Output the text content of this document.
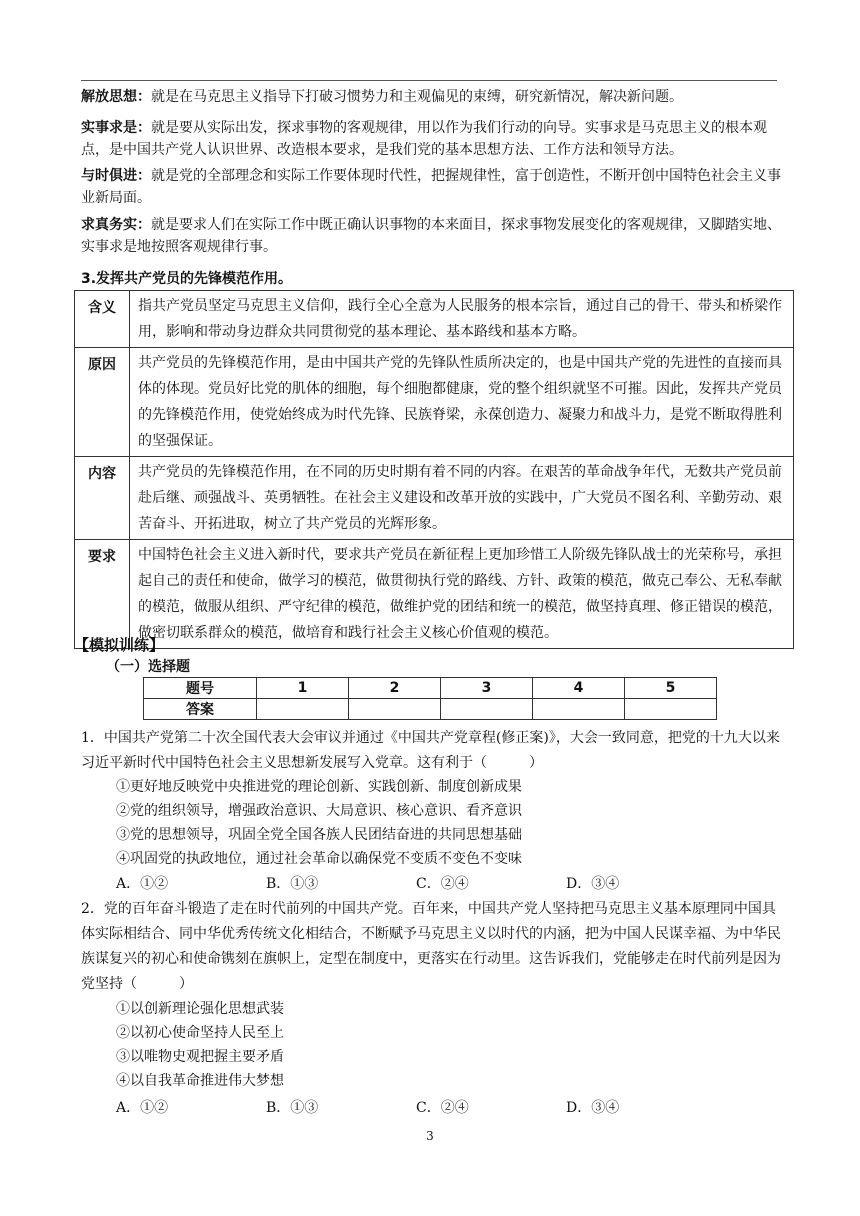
解放思想：就是在马克思主义指导下打破习惯势力和主观偏见的束缚，研究新情况，解决新问题。

实事求是：就是要从实际出发，探求事物的客观规律，用以作为我们行动的向导。实事求是马克思主义的根本观点，是中国共产党人认识世界、改造根本要求，是我们党的基本思想方法、工作方法和领导方法。

与时俱进：就是党的全部理念和实际工作要体现时代性，把握规律性，富于创造性，不断开创中国特色社会主义事业新局面。

求真务实：就是要求人们在实际工作中既正确认识事物的本来面目，探求事物发展变化的客观规律，又脚踏实地、实事求是地按照客观规律行事。

3.发挥共产党员的先锋模范作用。
含义	指共产党员坚定马克思主义信仰，践行全心全意为人民服务的根本宗旨，通过自己的骨干、带头和桥梁作用，影响和带动身边群众共同贯彻党的基本理论、基本路线和基本方略。
原因	共产党员的先锋模范作用，是由中国共产党的先锋队性质所决定的，也是中国共产党的先进性的直接而具体的体现。党员好比党的肌体的细胞，每个细胞都健康，党的整个组织就坚不可摧。因此，发挥共产党员的先锋模范作用，使党始终成为时代先锋、民族脊梁，永葆创造力、凝聚力和战斗力，是党不断取得胜利的坚强保证。
内容	共产党员的先锋模范作用，在不同的历史时期有着不同的内容。在艰苦的革命战争年代，无数共产党员前赴后继、顽强战斗、英勇牺牲。在社会主义建设和改革开放的实践中，广大党员不图名利、辛勤劳动、艰苦奋斗、开拓进取，树立了共产党员的光辉形象。
要求	中国特色社会主义进入新时代，要求共产党员在新征程上更加珍惜工人阶级先锋队战士的光荣称号，承担起自己的责任和使命，做学习的模范，做贯彻执行党的路线、方针、政策的模范，做克己奉公、无私奉献的模范，做服从组织、严守纪律的模范，做维护党的团结和统一的模范，做坚持真理、修正错误的模范，做密切联系群众的模范，做培育和践行社会主义核心价值观的模范。
【模拟训练】
（一）选择题
题号	1	2	3	4	5
答案					

1．中国共产党第二十次全国代表大会审议并通过《中国共产党章程(修正案)》，大会一致同意，把党的十九大以来习近平新时代中国特色社会主义思想新发展写入党章。这有利于（　　　）

①更好地反映党中央推进党的理论创新、实践创新、制度创新成果
②党的组织领导，增强政治意识、大局意识、核心意识、看齐意识
③党的思想领导，巩固全党全国各族人民团结奋进的共同思想基础
④巩固党的执政地位，通过社会革命以确保党不变质不变色不变味
A．①②	B．①③	C．②④	D．③④

2．党的百年奋斗锻造了走在时代前列的中国共产党。百年来，中国共产党人坚持把马克思主义基本原理同中国具体实际相结合、同中华优秀传统文化相结合，不断赋予马克思主义以时代的内涵，把为中国人民谋幸福、为中华民族谋复兴的初心和使命镌刻在旗帜上，定型在制度中，更落实在行动里。这告诉我们，党能够走在时代前列是因为党坚持（　　　）

①以创新理论强化思想武装
②以初心使命坚持人民至上
③以唯物史观把握主要矛盾
④以自我革命推进伟大梦想
A．①②	B．①③	C．②④	D．③④
3
